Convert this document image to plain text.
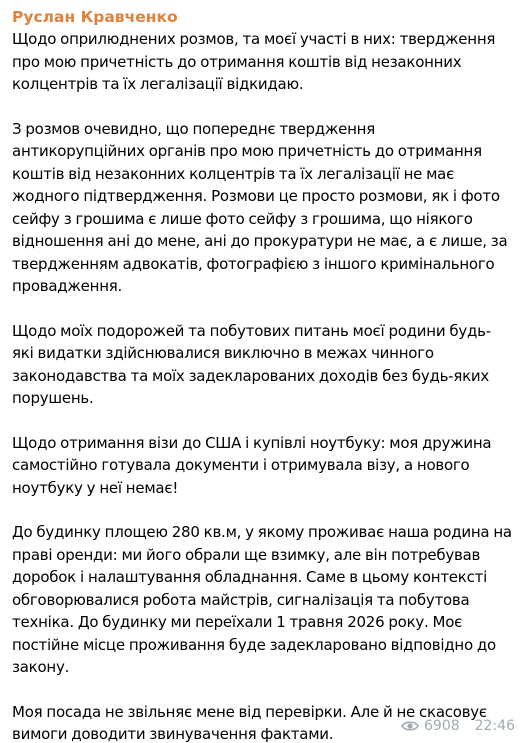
Руслан Кравченко

Щодо оприлюднених розмов, та моєї участі в них: твердження
про мою причетність до отримання коштів від незаконних
колцентрів та їх легалізації відкидаю.

З розмов очевидно, що попереднє твердження
антикорупційних органів про мою причетність до отримання
коштів від незаконних колцентрів та їх легалізації не має
жодного підтвердження. Розмови це просто розмови, як і фото
сейфу з грошима є лише фото сейфу з грошима, що ніякого
відношення ані до мене, ані до прокуратури не має, а є лише, за
твердженням адвокатів, фотографією з іншого кримінального
провадження.

Щодо моїх подорожей та побутових питань моєї родини будь-
які видатки здійснювалися виключно в межах чинного
законодавства та моїх задекларованих доходів без будь-яких
порушень.

Щодо отримання візи до США і купівлі ноутбуку: моя дружина
самостійно готувала документи і отримувала візу, а нового
ноутбуку у неї немає!

До будинку площею 280 кв.м, у якому проживає наша родина на
праві оренди: ми його обрали ще взимку, але він потребував
доробок і налаштування обладнання. Саме в цьому контексті
обговорювалися робота майстрів, сигналізація та побутова
техніка. До будинку ми переїхали 1 травня 2026 року. Моє
постійне місце проживання буде задекларовано відповідно до
закону.

Моя посада не звільняє мене від перевірки. Але й не скасовує
вимоги доводити звинувачення фактами.	6908 22:46
